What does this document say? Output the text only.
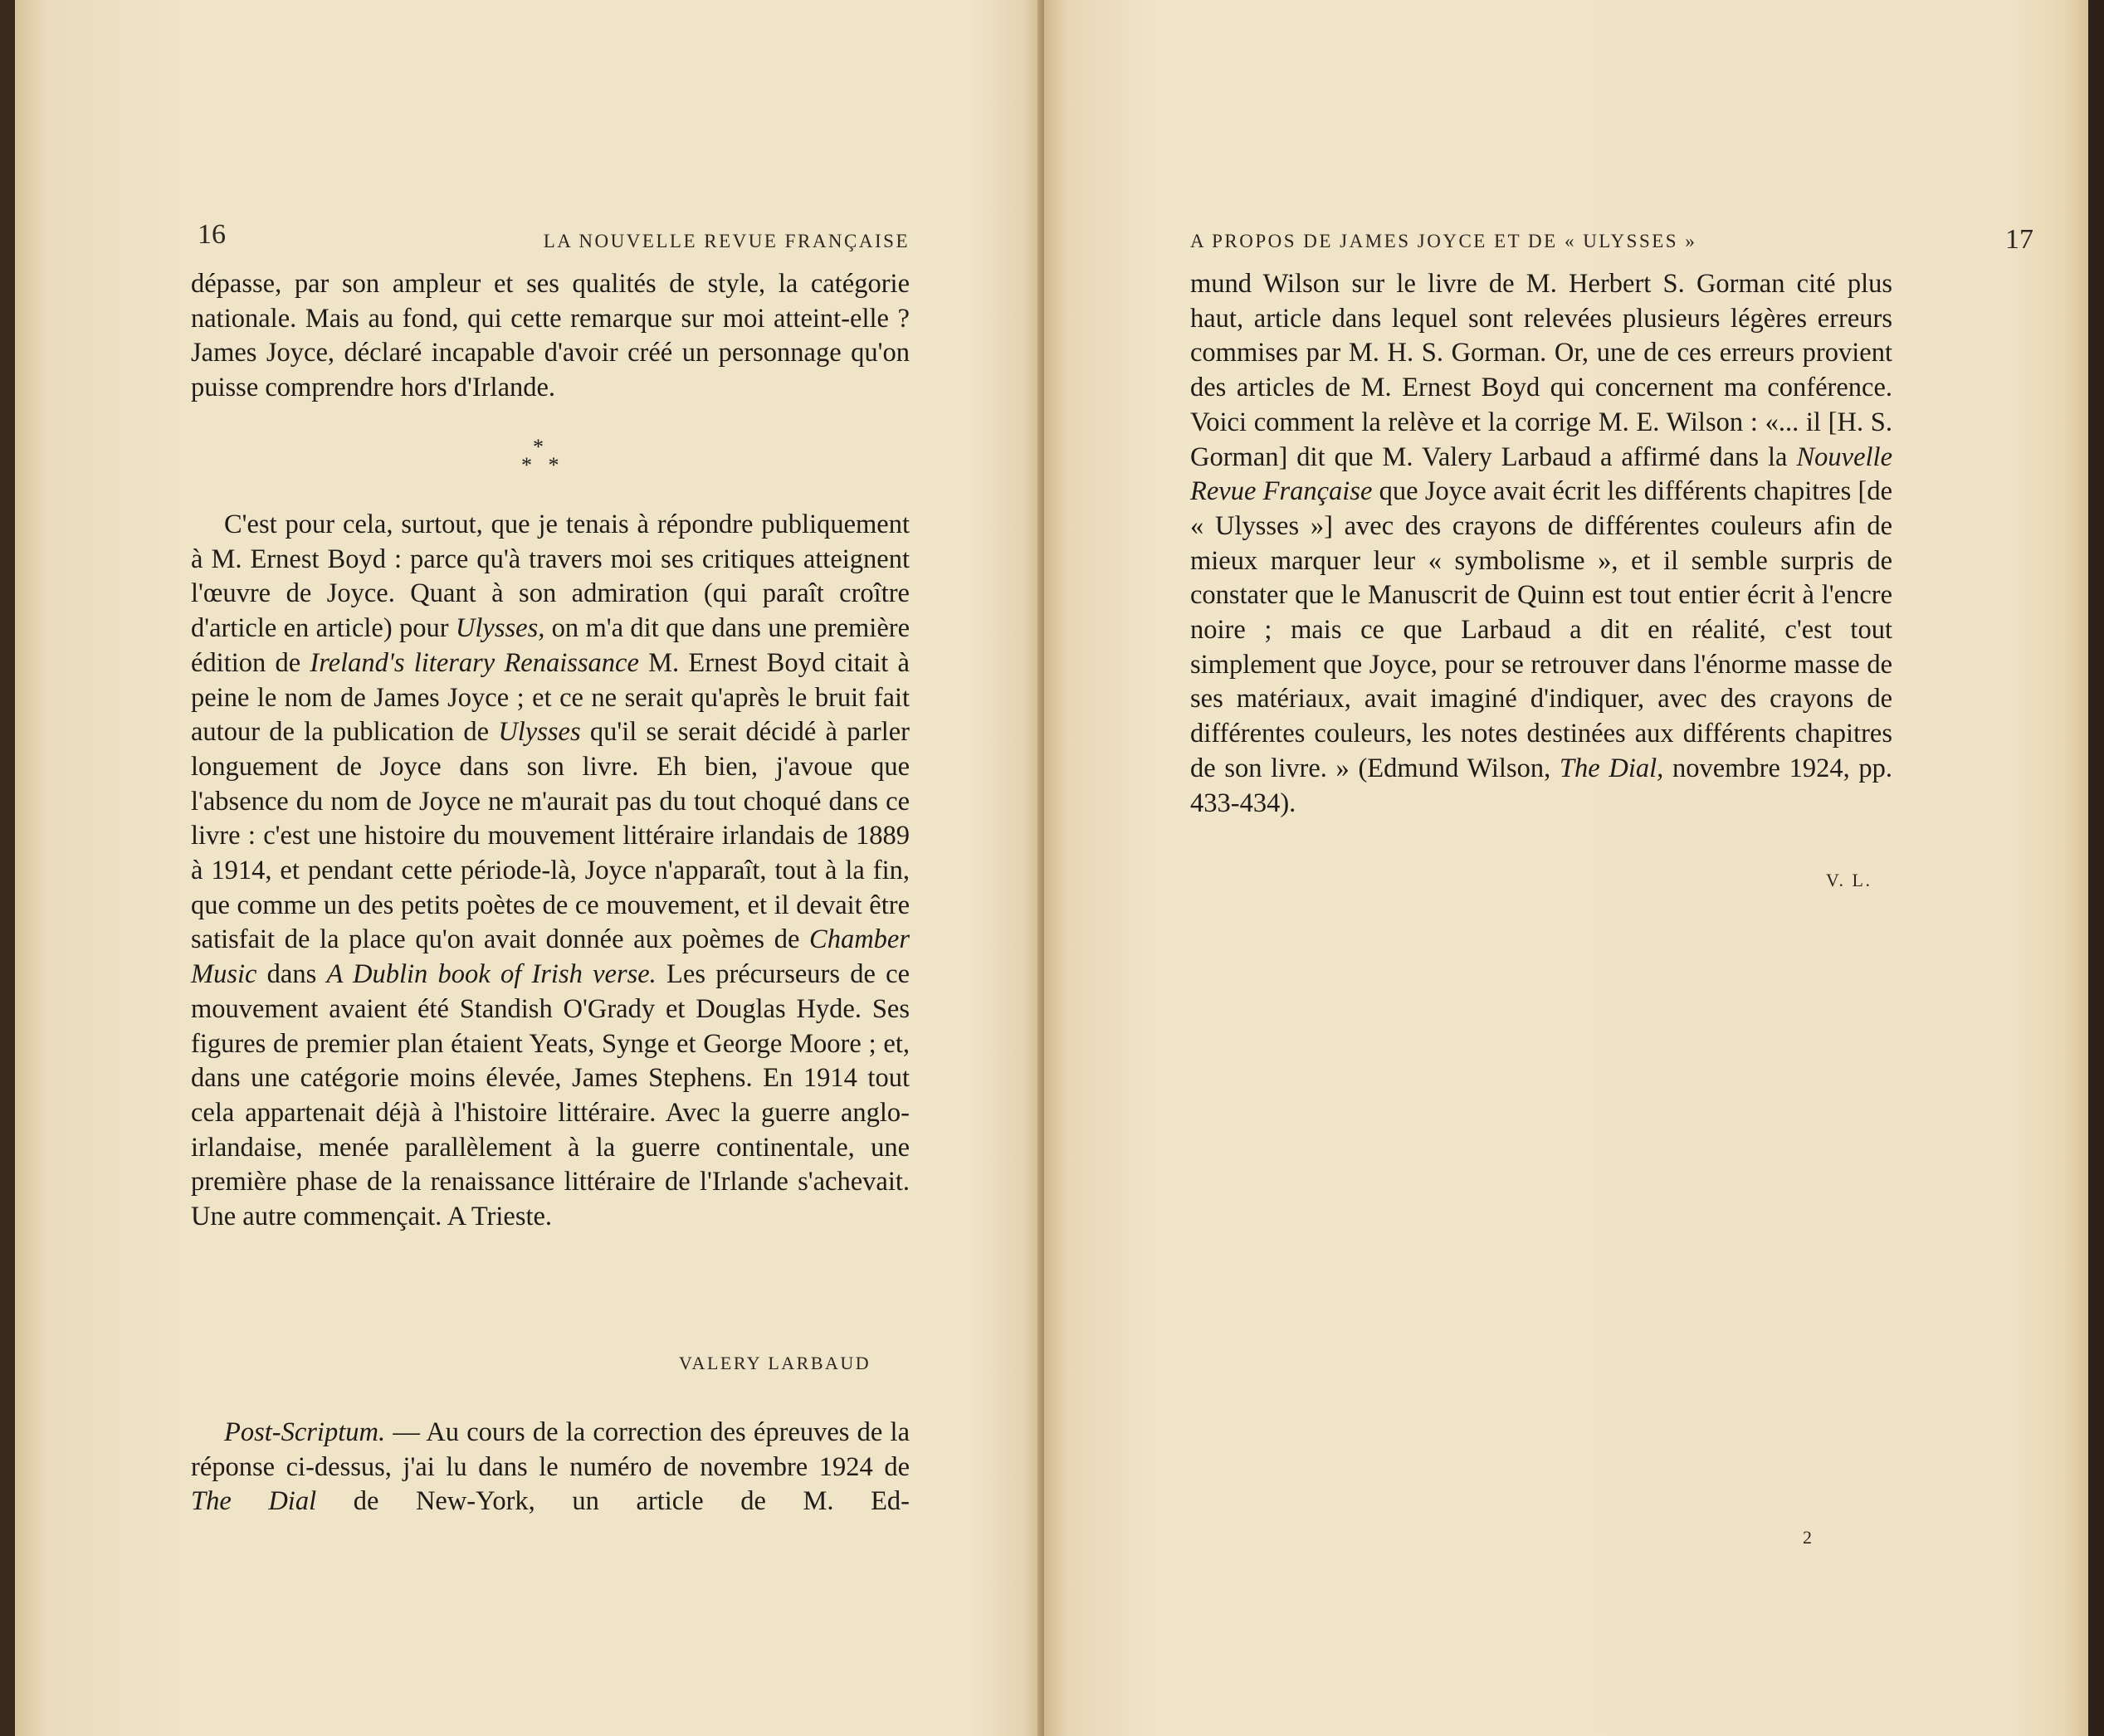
16	LA NOUVELLE REVUE FRANÇAISE
dépasse, par son ampleur et ses qualités de style, la catégorie nationale. Mais au fond, qui cette remarque sur moi atteint-elle ? James Joyce, déclaré incapable d'avoir créé un personnage qu'on puisse comprendre hors d'Irlande.
*
*   *
C'est pour cela, surtout, que je tenais à répondre publiquement à M. Ernest Boyd : parce qu'à travers moi ses critiques atteignent l'œuvre de Joyce. Quant à son admiration (qui paraît croître d'article en article) pour Ulysses, on m'a dit que dans une première édition de Ireland's literary Renaissance M. Ernest Boyd citait à peine le nom de James Joyce ; et ce ne serait qu'après le bruit fait autour de la publication de Ulysses qu'il se serait décidé à parler longuement de Joyce dans son livre. Eh bien, j'avoue que l'absence du nom de Joyce ne m'aurait pas du tout choqué dans ce livre : c'est une histoire du mouvement littéraire irlandais de 1889 à 1914, et pendant cette période-là, Joyce n'apparaît, tout à la fin, que comme un des petits poètes de ce mouvement, et il devait être satisfait de la place qu'on avait donnée aux poèmes de Chamber Music dans A Dublin book of Irish verse. Les précurseurs de ce mouvement avaient été Standish O'Grady et Douglas Hyde. Ses figures de premier plan étaient Yeats, Synge et George Moore ; et, dans une catégorie moins élevée, James Stephens. En 1914 tout cela appartenait déjà à l'histoire littéraire. Avec la guerre anglo-irlandaise, menée parallèlement à la guerre continentale, une première phase de la renaissance littéraire de l'Irlande s'achevait. Une autre commençait. A Trieste.
VALERY LARBAUD
Post-Scriptum. — Au cours de la correction des épreuves de la réponse ci-dessus, j'ai lu dans le numéro de novembre 1924 de The Dial de New-York, un article de M. Ed-
A PROPOS DE JAMES JOYCE ET DE « ULYSSES »	17
mund Wilson sur le livre de M. Herbert S. Gorman cité plus haut, article dans lequel sont relevées plusieurs légères erreurs commises par M. H. S. Gorman. Or, une de ces erreurs provient des articles de M. Ernest Boyd qui concernent ma conférence. Voici comment la relève et la corrige M. E. Wilson : «... il [H. S. Gorman] dit que M. Valery Larbaud a affirmé dans la Nouvelle Revue Française que Joyce avait écrit les différents chapitres [de « Ulysses »] avec des crayons de différentes couleurs afin de mieux marquer leur « symbolisme », et il semble surpris de constater que le Manuscrit de Quinn est tout entier écrit à l'encre noire ; mais ce que Larbaud a dit en réalité, c'est tout simplement que Joyce, pour se retrouver dans l'énorme masse de ses matériaux, avait imaginé d'indiquer, avec des crayons de différentes couleurs, les notes destinées aux différents chapitres de son livre. » (Edmund Wilson, The Dial, novembre 1924, pp. 433-434).
V. L.
2
